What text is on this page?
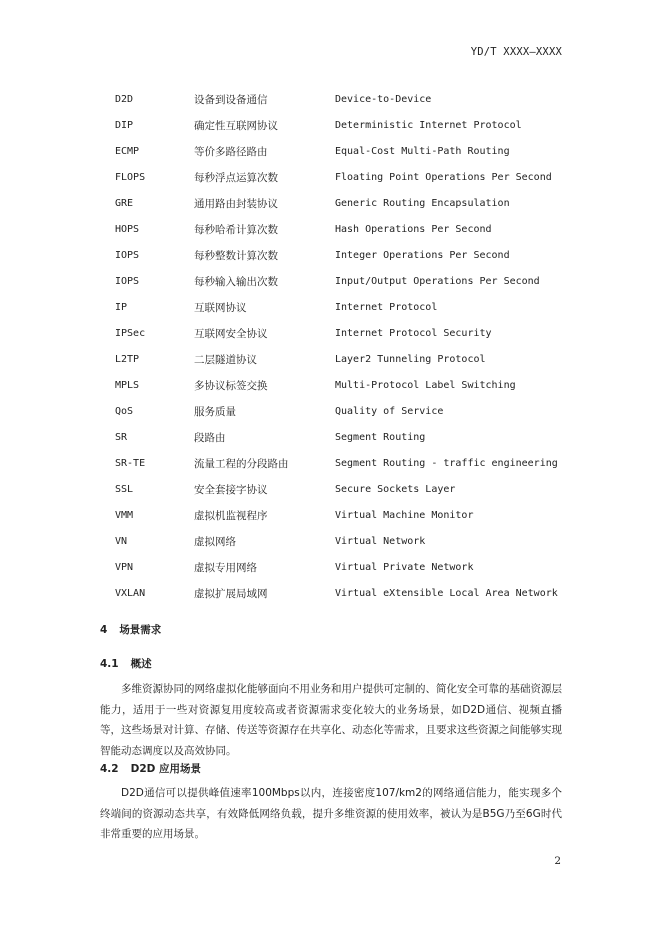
YD/T XXXX—XXXX
D2D	设备到设备通信	Device-to-Device
DIP	确定性互联网协议	Deterministic Internet Protocol
ECMP	等价多路径路由	Equal-Cost Multi-Path Routing
FLOPS	每秒浮点运算次数	Floating Point Operations Per Second
GRE	通用路由封装协议	Generic Routing Encapsulation
HOPS	每秒哈希计算次数	Hash Operations Per Second
IOPS	每秒整数计算次数	Integer Operations Per Second
IOPS	每秒输入输出次数	Input/Output Operations Per Second
IP	互联网协议	Internet Protocol
IPSec	互联网安全协议	Internet Protocol Security
L2TP	二层隧道协议	Layer2 Tunneling Protocol
MPLS	多协议标签交换	Multi-Protocol Label Switching
QoS	服务质量	Quality of Service
SR	段路由	Segment Routing
SR-TE	流量工程的分段路由	Segment Routing - traffic engineering
SSL	安全套接字协议	Secure Sockets Layer
VMM	虚拟机监视程序	Virtual Machine Monitor
VN	虚拟网络	Virtual Network
VPN	虚拟专用网络	Virtual Private Network
VXLAN	虚拟扩展局域网	Virtual eXtensible Local Area Network
4 场景需求
4.1 概述

多维资源协同的网络虚拟化能够面向不用业务和用户提供可定制的、简化安全可靠的基础资源层能力，适用于一些对资源复用度较高或者资源需求变化较大的业务场景，如D2D通信、视频直播等，这些场景对计算、存储、传送等资源存在共享化、动态化等需求，且要求这些资源之间能够实现智能动态调度以及高效协同。

4.2 D2D 应用场景

D2D通信可以提供峰值速率100Mbps以内，连接密度107/km2的网络通信能力，能实现多个终端间的资源动态共享，有效降低网络负载，提升多维资源的使用效率，被认为是B5G乃至6G时代非常重要的应用场景。

2
